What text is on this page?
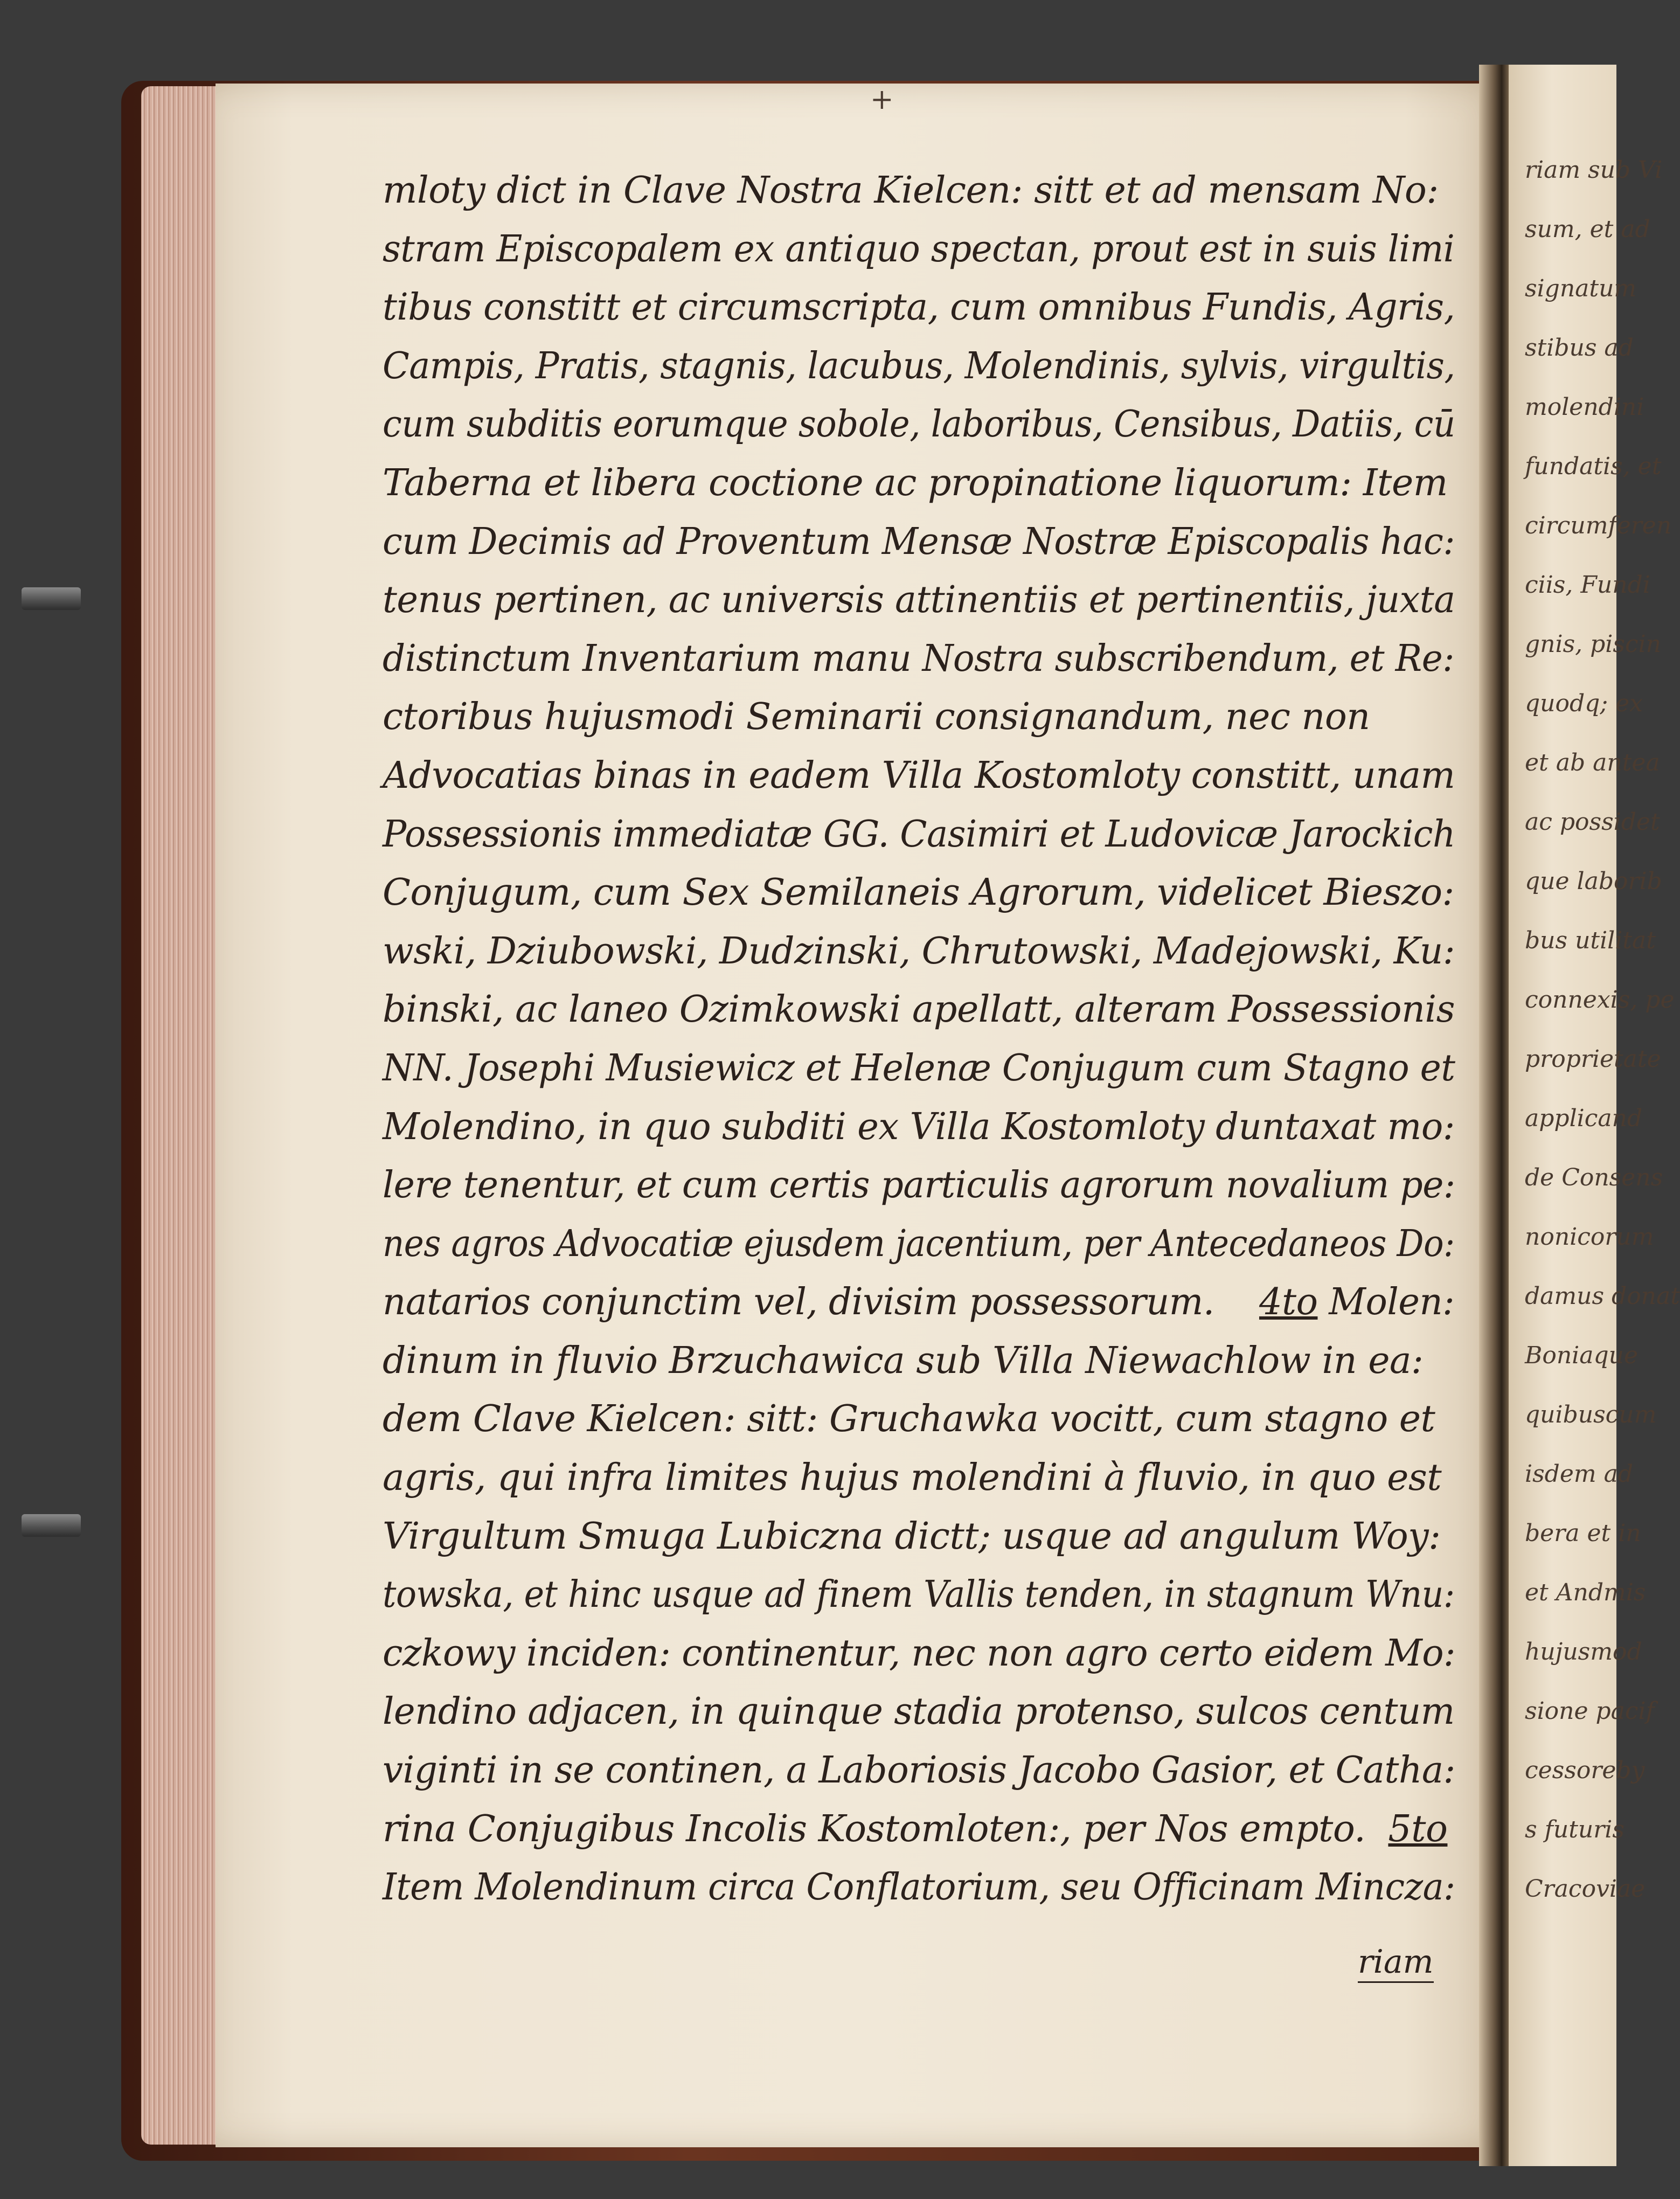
riam sub Vi
sum, et ad
signatum
stibus ad
molendini
fundatis, et
circumferen
ciis, Fundi
gnis, piscin
quodq; ex
et ab antea
ac possidet
que laborib
bus utilitat
connexis, pe
proprietate
applicand
de Consens
nonicorum
damus donat
Boniaque
quibuscum
isdem ad
bera et in
et Andmis
hujusmod
sione pacif
cessoreby
s futuris
Cracoviae
+
mloty dict in Clave Nostra Kielcen: sitt et ad mensam No:
stram Episcopalem ex antiquo spectan, prout est in suis limi
tibus constitt et circumscripta, cum omnibus Fundis, Agris,
Campis, Pratis, stagnis, lacubus, Molendinis, sylvis, virgultis,
cum subditis eorumque sobole, laboribus, Censibus, Datiis, cū
Taberna et libera coctione ac propinatione liquorum: Item
cum Decimis ad Proventum Mensæ Nostræ Episcopalis hac:
tenus pertinen, ac universis attinentiis et pertinentiis, juxta
distinctum Inventarium manu Nostra subscribendum, et Re:
ctoribus hujusmodi Seminarii consignandum, nec non
Advocatias binas in eadem Villa Kostomloty constitt, unam
Possessionis immediatæ GG. Casimiri et Ludovicæ Jarockich
Conjugum, cum Sex Semilaneis Agrorum, videlicet Bieszo:
wski, Dziubowski, Dudzinski, Chrutowski, Madejowski, Ku:
binski, ac laneo Ozimkowski apellatt, alteram Possessionis
NN. Josephi Musiewicz et Helenæ Conjugum cum Stagno et
Molendino, in quo subditi ex Villa Kostomloty duntaxat mo:
lere tenentur, et cum certis particulis agrorum novalium pe:
nes agros Advocatiæ ejusdem jacentium, per Antecedaneos Do:
natarios conjunctim vel, divisim possessorum. 4to Molen:
dinum in fluvio Brzuchawica sub Villa Niewachlow in ea:
dem Clave Kielcen: sitt: Gruchawka vocitt, cum stagno et
agris, qui infra limites hujus molendini à fluvio, in quo est
Virgultum Smuga Lubiczna dictt; usque ad angulum Woy:
towska, et hinc usque ad finem Vallis tenden, in stagnum Wnu:
czkowy inciden: continentur, nec non agro certo eidem Mo:
lendino adjacen, in quinque stadia protenso, sulcos centum
viginti in se continen, a Laboriosis Jacobo Gasior, et Catha:
rina Conjugibus Incolis Kostomloten:, per Nos empto. 5to
Item Molendinum circa Conflatorium, seu Officinam Mincza:
riam
